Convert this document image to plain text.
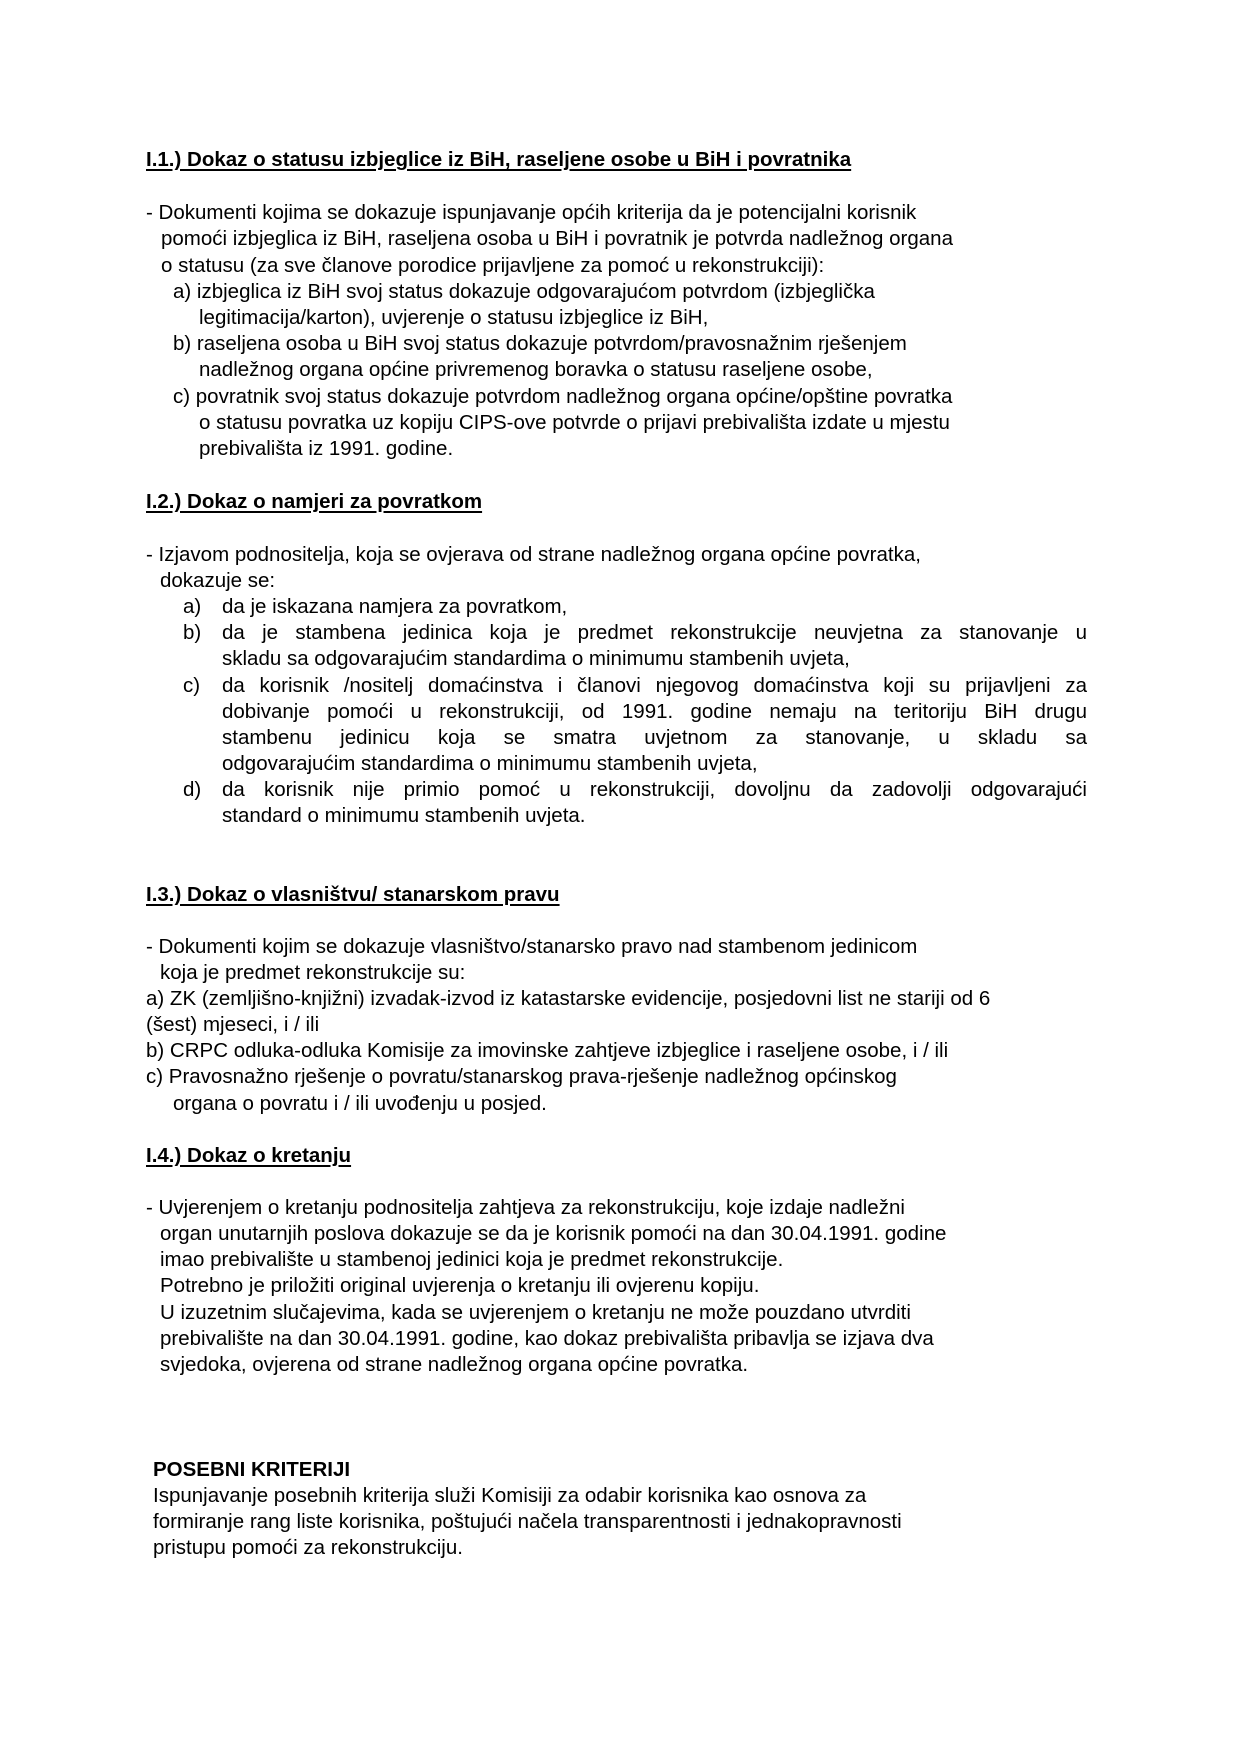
I.1.) Dokaz o statusu izbjeglice iz BiH, raseljene osobe u BiH i povratnika
- Dokumenti kojima se dokazuje ispunjavanje općih kriterija da je potencijalni korisnik
pomoći izbjeglica iz BiH, raseljena osoba u BiH i povratnik je potvrda nadležnog organa
o statusu (za sve članove porodice prijavljene za pomoć u rekonstrukciji):
a) izbjeglica iz BiH svoj status dokazuje odgovarajućom potvrdom (izbjeglička
legitimacija/karton), uvjerenje o statusu izbjeglice iz BiH,
b) raseljena osoba u BiH svoj status dokazuje potvrdom/pravosnažnim rješenjem
nadležnog organa općine privremenog boravka o statusu raseljene osobe,
c) povratnik svoj status dokazuje potvrdom nadležnog organa općine/opštine povratka
o statusu povratka uz kopiju CIPS-ove potvrde o prijavi prebivališta izdate u mjestu
prebivališta iz 1991. godine.
I.2.) Dokaz o namjeri za povratkom
- Izjavom podnositelja, koja se ovjerava od strane nadležnog organa općine povratka,
dokazuje se:
a) da je iskazana namjera za povratkom,
b) da je stambena jedinica koja je predmet rekonstrukcije neuvjetna za stanovanje u
skladu sa odgovarajućim standardima o minimumu stambenih uvjeta,
c) da korisnik /nositelj domaćinstva i članovi njegovog domaćinstva koji su prijavljeni za
dobivanje pomoći u rekonstrukciji, od 1991. godine nemaju na teritoriju BiH drugu
stambenu jedinicu koja se smatra uvjetnom za stanovanje, u skladu sa
odgovarajućim standardima o minimumu stambenih uvjeta,
d) da korisnik nije primio pomoć u rekonstrukciji, dovoljnu da zadovolji odgovarajući
standard o minimumu stambenih uvjeta.
I.3.) Dokaz o vlasništvu/ stanarskom pravu
- Dokumenti kojim se dokazuje vlasništvo/stanarsko pravo nad stambenom jedinicom
koja je predmet rekonstrukcije su:
a) ZK (zemljišno-knjižni) izvadak-izvod iz katastarske evidencije, posjedovni list ne stariji od 6
(šest) mjeseci, i / ili
b) CRPC odluka-odluka Komisije za imovinske zahtjeve izbjeglice i raseljene osobe, i / ili
c) Pravosnažno rješenje o povratu/stanarskog prava-rješenje nadležnog općinskog
organa o povratu i / ili uvođenju u posjed.
I.4.) Dokaz o kretanju
- Uvjerenjem o kretanju podnositelja zahtjeva za rekonstrukciju, koje izdaje nadležni
organ unutarnjih poslova dokazuje se da je korisnik pomoći na dan 30.04.1991. godine
imao prebivalište u stambenoj jedinici koja je predmet rekonstrukcije.
Potrebno je priložiti original uvjerenja o kretanju ili ovjerenu kopiju.
U izuzetnim slučajevima, kada se uvjerenjem o kretanju ne može pouzdano utvrditi
prebivalište na dan 30.04.1991. godine, kao dokaz prebivališta pribavlja se izjava dva
svjedoka, ovjerena od strane nadležnog organa općine povratka.
POSEBNI KRITERIJI
Ispunjavanje posebnih kriterija služi Komisiji za odabir korisnika kao osnova za
formiranje rang liste korisnika, poštujući načela transparentnosti i jednakopravnosti
pristupu pomoći za rekonstrukciju.
